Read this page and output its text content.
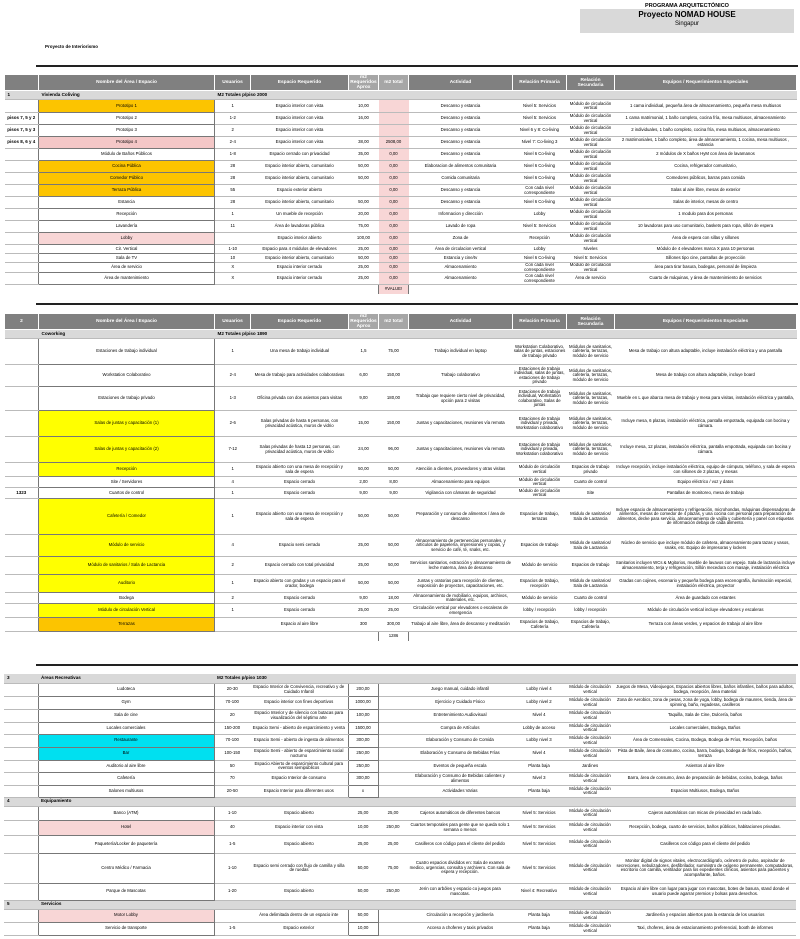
PROGRAMA ARQUITECTÓNICO
Proyecto NOMAD HOUSE
Singapur
Proyecto de Interiorismo
	Nombre del Área / Espacio	Usuarios	Espacio Requerido	m2 Requeridos Aprox	m2 total	Actividad	Relación Primaria	Relación Secundaria	Equipos / Requerimientos Especiales
1	Vivienda Coliving	M2 Totales p/piso 2000							
	Prototipo 1	1	Espacio interior con vista	10,00		Descanso y estancia	Nivel 5: Servicios	Módulo de circulación vertical	1 cama individual, pequeña área de almacenamiento, pequeña mesa multiusos
pisos 7, 5 y 2	Prototipo 2	1-2	Espacio interior con vista	16,00		Descanso y estancia	Nivel 5: Servicios	Módulo de circulación vertical	1 cama matrimonial, 1 baño completo, cocina fría, mesa multiusos, almacenamiento
pisos 7, 5 y 3	Prototipo 3	2	Espacio interior con vista			Descanso y estancia	Nivel 6 y 8: Co-living	Módulo de circulación vertical	2 individuales, 1 baño completo, cocina fría, mesa multiusos, almacenamiento
pisos 8, 6 y 4	Prototipo 4	2-4	Espacio interior con vista	38,00	2508,00	Descanso y estancia	Nivel 7: Co-living 3	Módulo de circulación vertical	2 matrimoniales, 1 baño completo, área de almacenamiento, 1 cocina, mesa multiusos , estancia
	Módulo de Baños Públicos	1-8	Espacio cerrado con privacidad	35,00	0,00	Descanso y estancia	Nivel 6 Co-living	Módulo de circulación vertical	2 módulos de X baños HyM con área de lavamanos
	Cocina Pública	28	Espacio interior abierto, comunitario	50,00	0,00	Elaboracion de alimentos comunitaria	Nivel 6 Co-living	Módulo de circulación vertical	Cocina, refrigerador comunitario,
	Comedor Público	28	Espacio interior abierto, comunitario	50,00	0,00	Comida comunitaria	Nivel 6 Co-living	Módulo de circulación vertical	Comedores públicos, barras para comida
	Terraza Pública	55	Espacio exterior abierto		0,00	Descanso y estancia	Con cada nivel correspondiente	Módulo de circulación vertical	Salas al aire libre, mesas de exterior
	Estancia	28	Espacio interior abierto, comunitario	50,00	0,00	Descanso y estancia	Nivel 6 Co-living	Módulo de circulación vertical	Salas de interior, mesas de centro
	Recepción	1	Un mueble de recepción	20,00	0,00	Informacion y dirección	Lobby	Módulo de circulación vertical	1 modulo para dos personas
	Lavandería	11	Área de lavadoras pública	75,00	0,00	Lavado de ropa	Nivel 5: Servicios	Módulo de circulación vertical	10 lavadoras para uso comunitario, baskets para ropa, sillón de espera
	Lobby		Espacio interior abierto	100,00	0,00	Zona de	Recepción	Módulo de circulación vertical	Área de espera con sillas y sillones
	Cir. Vertical	1-10	Espacio para 4 módulos de elevadores	25,00	0,00	Área de circulacion vertical	Lobby	Niveles	Módulo de 4 elevadores marca X para 10 personas
	Sala de TV	10	Espacio interior abierto, comunitario	50,00	0,00	Estancia y cine/tv	Nivel 6 Co-living	Nivel 5: Servicios	Sillones tipo cine, pantallas de proyección
	Área de servicio	X	Espacio interior cerrado	25,00	0,00	Almacenamiento	Con cada nivel correspondiente	Módulo de circulación vertical	área para tirar basura, bodegas, personal de limpieza
	Área de mantenimiento	X	Espacio interior cerrado	25,00	0,00	Almacenamiento	Con cada nivel correspondiente	Área de servicio	Cuarto de máquinas, y área de mantenimiento de servicios
					#VALUE!				
2	Nombre del Área / Espacio	Usuarios	Espacio Requerido	m2 Requeridos Aprox	m2 total	Actividad	Relación Primaria	Relación Secundaria	Equipos / Requerimientos Especiales
	Coworking	M2 Totales p/piso 1890							
	Estaciones de trabajo individual	1	Una mesa de trabajo individual	1,5	75,00	Trabajo individual en laptop	Workstation Colaborativo, salas de juntas, estaciones de trabajo privado	Módulos de sanitarios, cafetería, terrazas, módulo de servicio	Mesa de trabajo con altura adaptable, incluye instalación eléctrica y una pantalla
	Workstation Colaborativo	2-4	Mesa de trabajo para actividades colaborativas	6,00	150,00	Trabajo colaborativo	Estaciones de trabajo individual, salas de juntas, estaciones de trabajo privado	Módulos de sanitarios, cafetería, terrazas, módulo de servicio	Mesa de trabajo con altura adaptable, incluye board
	Estaciones de trabajo privado	1-3	Oficina privada con dos asientos para visitas	9,00	180,00	Trabajo que requiere cierto nivel de privacidad, opción para 2 visitas	Estaciones de trabajo individual, Workstation colaborativo, Salas de juntas	Módulos de sanitarios, cafetería, terrazas, módulo de servicio	Mueble en L que abarca mesa de trabajo y mesa para visitas, instalación eléctrica y pantalla,
	Salas de juntas y capacitación (1)	2-6	Salas privadas de hasta 6 personas, con privacidad acústica, muros de vidrio	15,00	150,00	Juntas y capacitaciones, reuniones vía remota	Estaciones de trabajo individual y privada, Workstation colaborativo	Módulos de sanitarios, cafetería, terrazas, módulo de servicio	Incluye mesa, 6 plazas, instalación eléctrica, pantalla empotrada, equipada con bocina y cámara.
	Salas de juntas y capacitación (2)	7-12	Salas privadas de hasta 12 personas, con privacidad acústica, muros de vidrio	24,00	96,00	Juntas y capacitaciones, reuniones vía remota	Estaciones de trabajo individual y privada, Workstation colaborativo	Módulos de sanitarios, cafetería, terrazas, módulo de servicio	Incluye mesa, 12 plazas, instalación eléctrica, pantalla empotrada, equipada con bocina y cámara.
	Recepción	1	Espacio abierto con una mesa de recepción y sala de espera	50,00	50,00	Atención a clientes, proveedores y otras visitas	Módulo de circulación vertical	Espacios de trabajo privado	Incluye recepción, incluye instalación eléctrica, equipo de cómputo, teléfono, y sala de espera con sillones de 2 plazas, y mesas
	Site / Servidores	4	Espacio cerrado	2,00	8,00	Almacenamiento para equipos	Módulo de circulación vertical	Cuarto de control	Equipo eléctrico / voz y datos
1323	Cuartos de control	1	Espacio cerrado	9,00	9,00	Vigilancia con cámaras de seguridad	Módulo de circulación vertical	Site	Pantallas de monitoreo, mesa de trabajo
	Cafetería / Comedor	1	Espacio abierto con una mesa de recepción y sala de espera	50,00	50,00	Preparación y consumo de alimentos / área de descanso	Espacios de trabajo, terrazas	Módulo de sanitarios/ Sala de Lactancia	Incluye espacio de almacenamiento y refrigeración, microhondas, máquinas dispensadoras de alimentos, mesas de comedor de 4 plazas, y una cocina con personal para preparación de alimentos, decke para servicio, almacenamiento de vajilla y cubiertería y panel con etiquetas de información debajo de cada alimento.
	Módulo de servicio	4	Espacio semi cerrado	25,00	50,00	Almacenamiento de pertenencias personales, y artículos de papelería, impresiones y copias, y servicio de café, té, snaks, etc.	Espacios de trabajo	Módulo de sanitarios/ Sala de Lactancia	Núcleo de servicio que incluye módulo de cafetera, almacenamiento para tazas y vasos, snaks, etc. Equipo de impresoras y lockers
	Módulo de sanitarios / Sala de Lactancia	2	Espacio cerrado con total privacidad	25,00	50,00	Servicios sanitarios, extracción y almacenamiento de leche materna, área de descanso	Módulo de servicio	Espacios de trabajo	Sanitarios incluyen WCs & Mgitorios, mueble de lavavos con espejo. Sala de lactancia incluye almacenamiento, terja y refrigeración, Sillón mecedora con masaje, instalación eléctrica
	Auditorio	1	Espacio abierto con gradas y un espacio para el orador, bodega	50,00	50,00	Juntas y oratorias para recepción de clientes, exposición de proyectos, capacitaciones, etc.	Espacios de trabajo, recepción	Módulo de sanitarios/ Sala de Lactancia	Gradas con cojines, escenario y pequeña bodega para escenografía, iluminación especial, instalación eléctrica, proyector
	Bodega	2	Espacio cerrado	9,00	18,00	Almacenamiento de mobiliario, equipos, archivos, materiales, etc.	Módulo de servicio	Cuarto de control	Área de guardado con estantes
	Módulo de circulación Vertical	1	Espacio cerrado	25,00	25,00	Circulación vertical por elevadores o escaleras de emergencia	lobby / recepción	lobby / recepción	Módulo de circulación vertical incluye elevadores y escaleras
	Terrazas		Espacio al aire libre	300	300,00	Trabajo al aire libre, área de descanso y meditación	Espacios de trabajo, Cafetería	Espacios de trabajo, Cafetería	Terraza con áreas verdes, y espacios de trabajo al aire libre
					1286				
3	Áreas Recreativas	M2 Totales p/piso 1030							
	Ludoteca	20-30	Espacio Interior de Convivencia, recreativo y de Cuidado Infantil	200,00		Juego manual, cuidado infantil	Lobby nivel 4	Módulo de circulación vertical	Juegos de Mesa, Videojuegos, Espacios abiertos libres, baños infantiles, baños para adultos, bodega, recepción, área material
	Gym	70-100	Espacio interior con fines deportivos	1000,00		Ejercicio y Cuidado Físico	Lobby nivel 2	Módulo de circulación vertical	Zona de Aerobics, zona de pesas, zona de yoga, lobby, bodega de maunres, tienda, área de spinning, baño, regaderas, casilleros
	Sala de cine	20	Espacio Interior y de silencio con butacas para visualización del séptimo arte	100,00		Entretenimiento Audiovisual	Nivel 4	Módulo de circulación vertical	Taquilla, Sala de Cine, Dulcería, baños
	Locales comerciales	150-200	Espacio Semi - abierto de esparcimiento y venta	1500,00		Compra de Artículos	Lobby de acceso	Módulo de circulación vertical	Locales comerciales, Bodega, Baños
	Restaurante	70-100	Espacio Semi - abierto de ingesta de alimentos	300,00		Elaboración y Consumo de Comida	Lobby nivel 3	Módulo de circulación vertical	Área de Comensales, Cocina, Bodega, Bodega de Fríos, Recepción, baños
	Bar	100-150	Espacio Semi - abierto de esparcimiento social nocturno	250,00		Elaboración y Consumo de Bebidas Frías	Nivel 4	Módulo de circulación vertical	Pista de Baile, área de consumo, cocina, barra, bodega, bodega de fríos, recepción, baños, terraza
	Auditorio al aire libre	50	Espacio Abierto de esparcimiento cultural para eventos semipúblicos	250,00		Eventos de pequeña escala	Planta baja	Jardines	Asientos al aire libre
	Cafetería	70	Espacio Interior de consumo	300,00		Elaboración y Consumo de Bebidas calientes y alimentos	Nivel 3	Módulo de circulación vertical	Barra, área de consumo, área de preparación de bebidas, cocina, bodega, baños
	Salones multiusos	20-50	Espacio Interior para diferentes usos	x		Actividades Varias	Planta baja	Módulo de circulación vertical	Espacios Multiusos, Bodega, Baños
4	Equipamiento								
	Banco (ATM)	1-10	Espacio abierto	25,00	25,00	Cajeros automáticos de diferentes bancos	Nivel 5: Servicios	Módulo de circulación vertical	Cajeros automáticos con micas de privacidad en cada lado.
	Hotel	40	Espacio interior con vista	10,00	250,00	Cuartos temporales para gente que se queda solo 1 semana o menos	Nivel 5: Servicios	Módulo de circulación vertical	Recepción, bodega, cuarto de servicios, baños públicos, habitaciones privadas.
	Paquetería/Locker de paquetería	1-5	Espacio abierto	25,00	25,00	Casilleros con código para el cliente del pedido	Nivel 5: Servicios	Módulo de circulación vertical	Casilleros con código para el cliente del pedido
	Centro Médico / Farmacia	1-10	Espacio semi cerrado con flujo de camilla y silla de ruedas	50,00	75,00	Cuatro espacios divididos en: Sala de examen medico, urgencias, consulta y archivero. Con sala de espera y recepción.	Nivel 5: Servicios	Módulo de circulación vertical	Monitor digital de signos vitales, electrocardiógrafo, oxímetro de pulso, aspirador de secreciones, nebulizadores, desfibrilador, suministro de oxígeno permanente, computadoras, escritorio con camilla, ventilador para los expedientes clínicos, asientos para pacientes y acompañante, baños.
	Parque de Mascotas	1-20	Espacio abierto	50,00	250,00	Jerin con arbóles y espacio co juegos para mascotas.	Nivel 4: Recreativo	Módulo de circulación vertical	Espacio al aire libre con lugar para jugar con mascotas, botes de basura, stand donde el usuario puede agarrar premios y bolsas para desechos.
5	Servicios								
	Motor Lobby		Área delimitada dentro de un espacio inte	50,00		Circulación a recepción y jardinería	Planta baja	Módulo de circulación vertical	Jardinería y espacios abiertos para la estancia de los usuarios
	Servicio de transporte	1-5	Espacio exterior	10,00		Acceso a choferes y taxis privados	Planta baja	Módulo de circulación vertical	Taxi, choferes, área de estacionamiento preferencial, booth de informes
